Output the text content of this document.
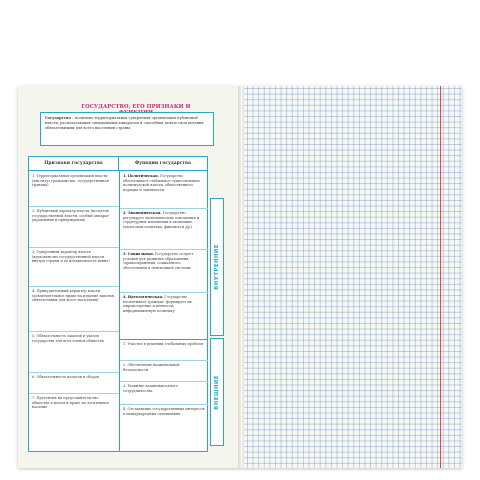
ГОСУДАРСТВО, ЕГО ПРИЗНАКИ И
Государство – политико-территориальная суверенная организация публичной власти, располагающая специальным аппаратом и способная делать свои веления обязательными для всего населения страны.
Признаки государства	Функции государства
1. Территориальная организация власти (институт гражданства, государственная граница)
2. Публичный характер власти (носитель государственной власти, особый аппарат управления и принуждения)
3. Суверенный характер власти (верховенство государственной власти внутри страны и ее независимость вовне)
4. Принудительный характер власти (исключительное право на издание законов, обязательных для всего населения)
5. Обязательность законов и указов государства для всех членов общества
6. Обязательность налогов и сборов
7. Претензия на представительство общества в целом и право на легитимное насилие
1. Политическая. Государство обеспечивает стабильное существование политической власти, общественного порядка и законности
2. Экономическая. Государство регулирует экономические отношения и структурные изменения в экономике (налоговая политика, финансы и др.)
3. Социальная. Государство создает условия для развития образования, здравоохранения, социального обеспечения и пенсионной системы
4. Идеологическая. Государство воспитывает граждан, формирует их мировоззрение и ценности, информационную политику
1. Участие в решении глобальных проблем
2. Обеспечение национальной безопасности
3. Развитие взаимовыгодного сотрудничества
4. Отстаивание государственных интересов в международных отношениях
ВНУТРЕННИЕ
ВНЕШНИЕ
